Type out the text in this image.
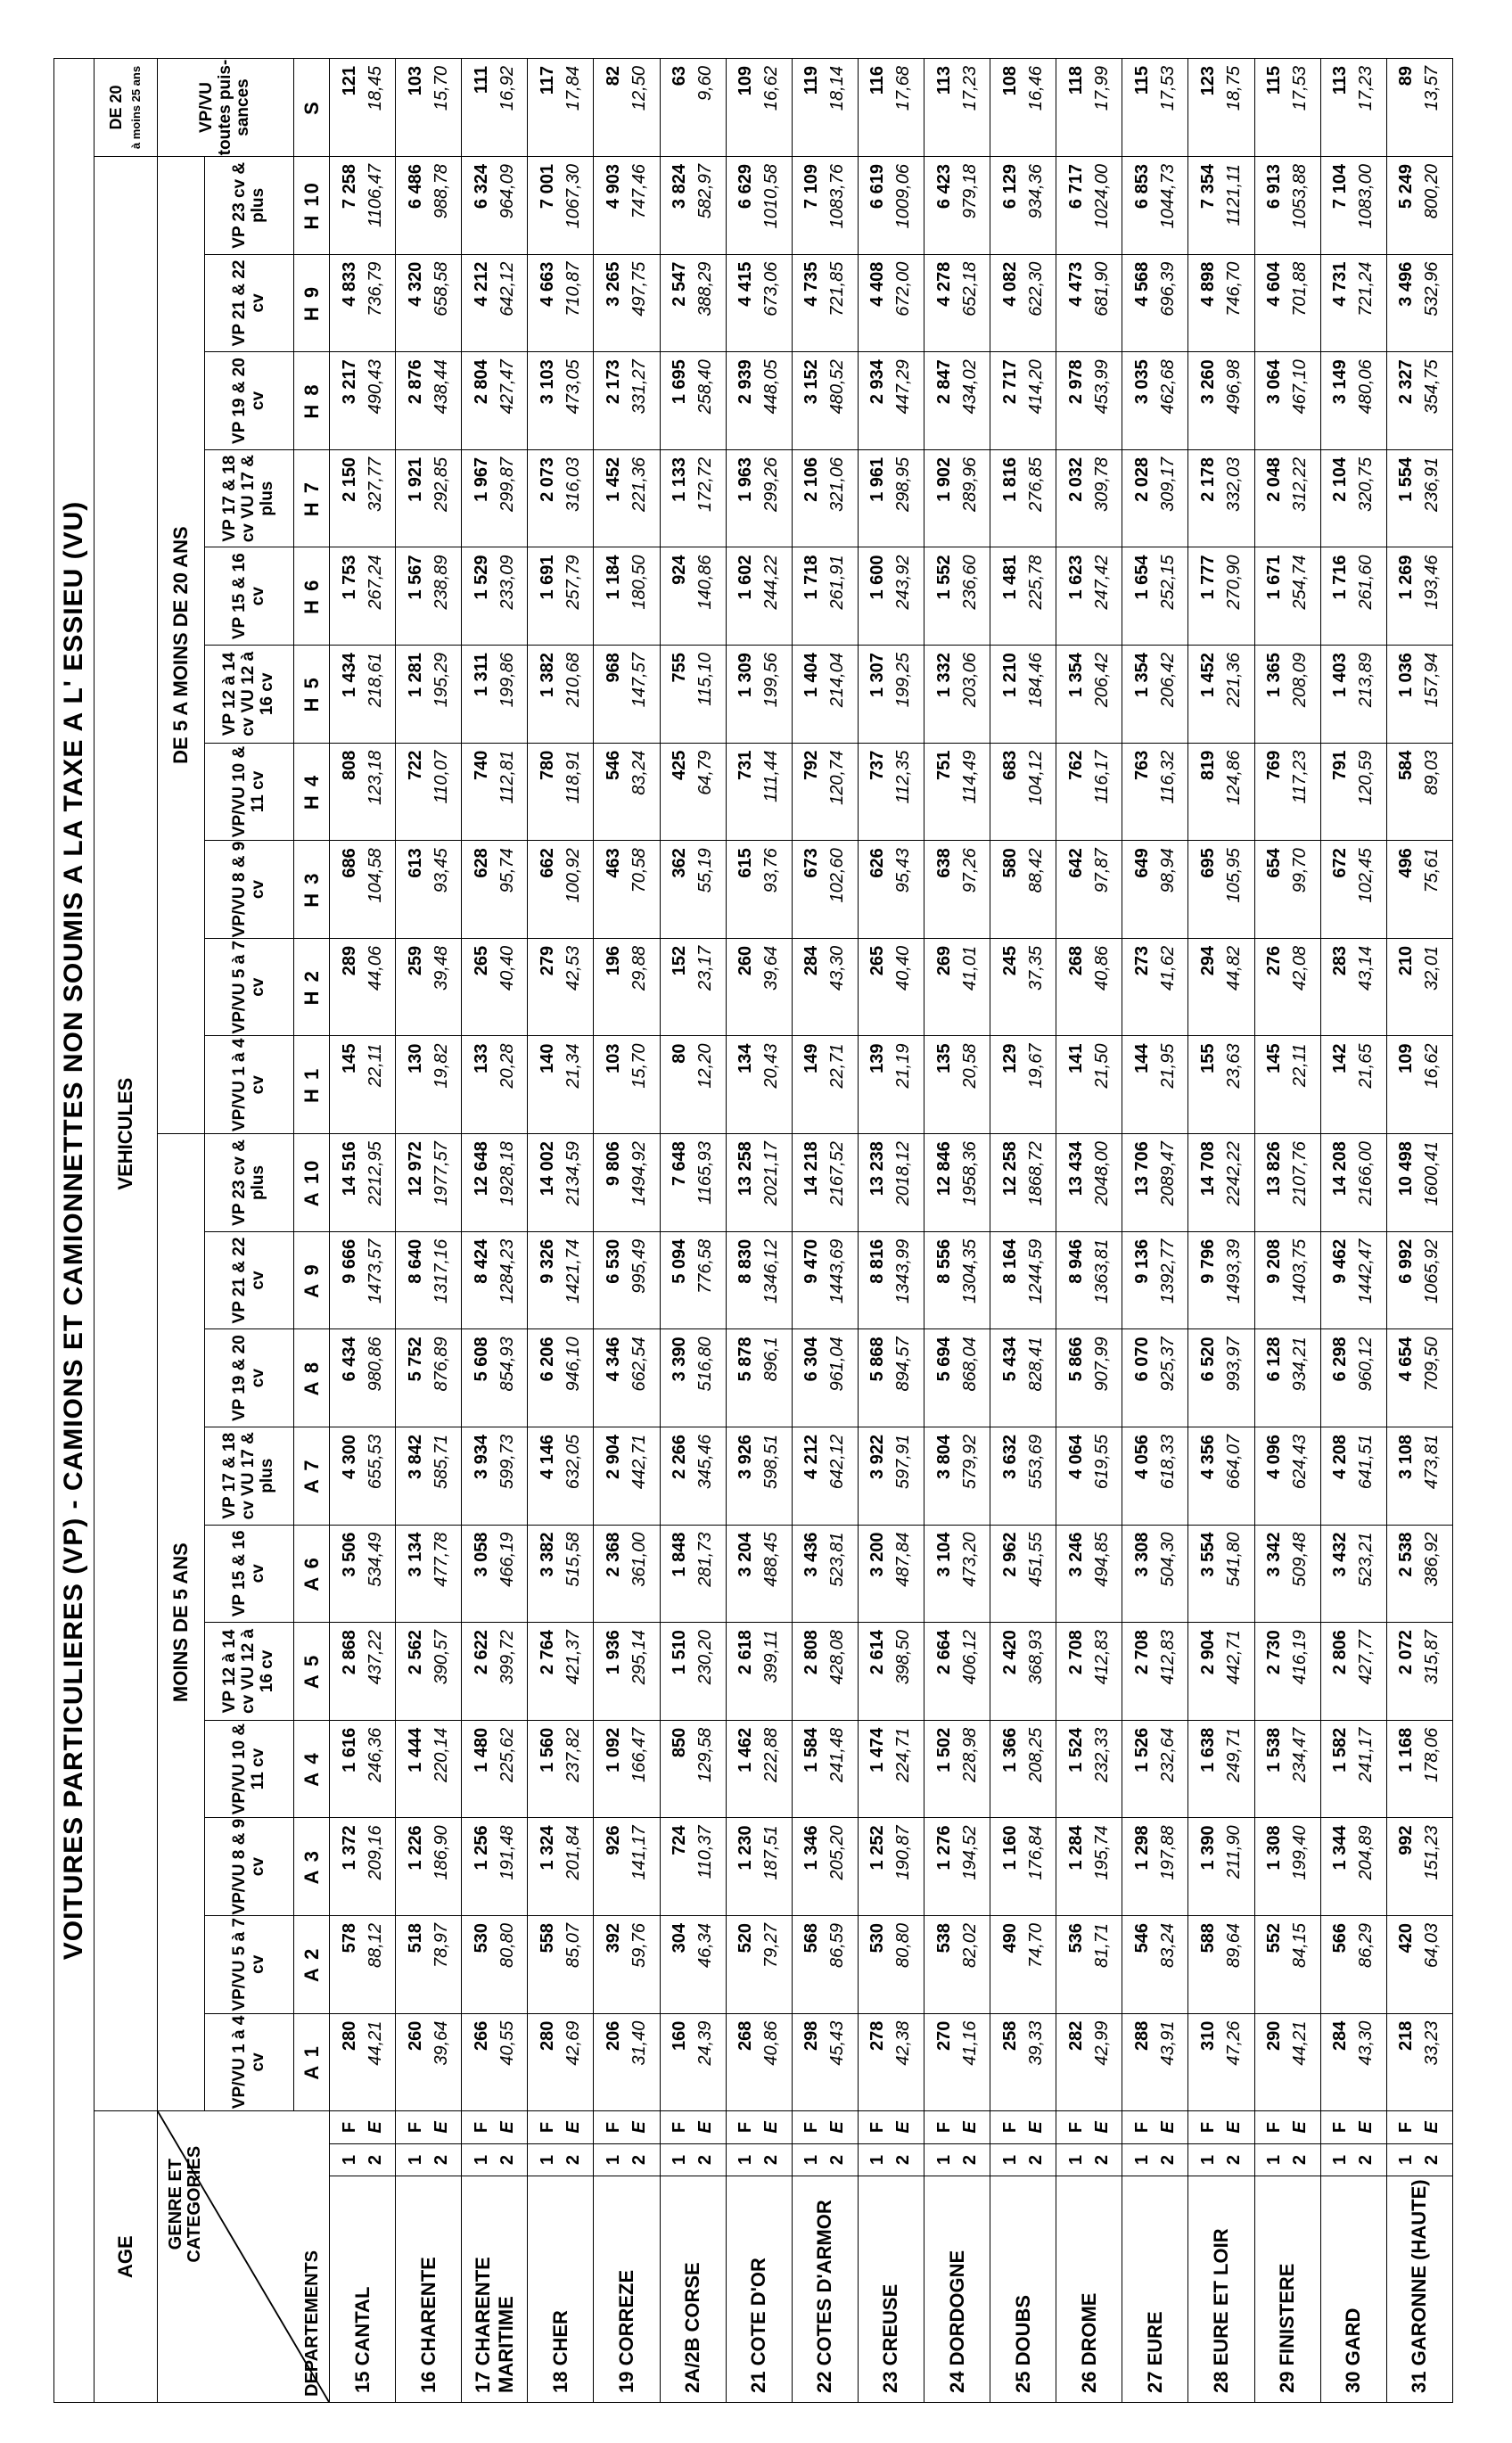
VOITURES PARTICULIERES (VP) - CAMIONS ET CAMIONNETTES NON SOUMIS A LA TAXE A L' ESSIEU (VU)																							
AGE			VEHICULES																				DE 20 à moins 25 ans

GENRE ET CATEGORIES
DEPARTEMENTS			MOINS DE 5 ANS										DE 5 A MOINS DE 20 ANS										VP/VU toutes puis- sances
			VP/VU 1 à 4 cv	VP/VU 5 à 7 cv	VP/VU 8 & 9 cv	VP/VU 10 & 11 cv	VP 12 à 14 cv VU 12 à 16 cv	VP 15 & 16 cv	VP 17 & 18 cv VU 17 & plus	VP 19 & 20 cv	VP 21 & 22 cv	VP 23 cv & plus	VP/VU 1 à 4 cv	VP/VU 5 à 7 cv	VP/VU 8 & 9 cv	VP/VU 10 & 11 cv	VP 12 à 14 cv VU 12 à 16 cv	VP 15 & 16 cv	VP 17 & 18 cv VU 17 & plus	VP 19 & 20 cv	VP 21 & 22 cv	VP 23 cv & plus	
			A 1	A 2	A 3	A 4	A 5	A 6	A 7	A 8	A 9	A 10	H 1	H 2	H 3	H 4	H 5	H 6	H 7	H 8	H 9	H 10	S
15 CANTAL	1 2	F E	280 44,21	578 88,12	1 372 209,16	1 616 246,36	2 868 437,22	3 506 534,49	4 300 655,53	6 434 980,86	9 666 1473,57	14 516 2212,95	145 22,11	289 44,06	686 104,58	808 123,18	1 434 218,61	1 753 267,24	2 150 327,77	3 217 490,43	4 833 736,79	7 258 1106,47	121 18,45

16 CHARENTE	1 2	F E	260 39,64	518 78,97	1 226 186,90	1 444 220,14	2 562 390,57	3 134 477,78	3 842 585,71	5 752 876,89	8 640 1317,16	12 972 1977,57	130 19,82	259 39,48	613 93,45	722 110,07	1 281 195,29	1 567 238,89	1 921 292,85	2 876 438,44	4 320 658,58	6 486 988,78	103 15,70

17 CHARENTE MARITIME	1 2	F E	266 40,55	530 80,80	1 256 191,48	1 480 225,62	2 622 399,72	3 058 466,19	3 934 599,73	5 608 854,93	8 424 1284,23	12 648 1928,18	133 20,28	265 40,40	628 95,74	740 112,81	1 311 199,86	1 529 233,09	1 967 299,87	2 804 427,47	4 212 642,12	6 324 964,09	111 16,92

18 CHER	1 2	F E	280 42,69	558 85,07	1 324 201,84	1 560 237,82	2 764 421,37	3 382 515,58	4 146 632,05	6 206 946,10	9 326 1421,74	14 002 2134,59	140 21,34	279 42,53	662 100,92	780 118,91	1 382 210,68	1 691 257,79	2 073 316,03	3 103 473,05	4 663 710,87	7 001 1067,30	117 17,84

19 CORREZE	1 2	F E	206 31,40	392 59,76	926 141,17	1 092 166,47	1 936 295,14	2 368 361,00	2 904 442,71	4 346 662,54	6 530 995,49	9 806 1494,92	103 15,70	196 29,88	463 70,58	546 83,24	968 147,57	1 184 180,50	1 452 221,36	2 173 331,27	3 265 497,75	4 903 747,46	82 12,50

2A/2B CORSE	1 2	F E	160 24,39	304 46,34	724 110,37	850 129,58	1 510 230,20	1 848 281,73	2 266 345,46	3 390 516,80	5 094 776,58	7 648 1165,93	80 12,20	152 23,17	362 55,19	425 64,79	755 115,10	924 140,86	1 133 172,72	1 695 258,40	2 547 388,29	3 824 582,97	63 9,60

21 COTE D'OR	1 2	F E	268 40,86	520 79,27	1 230 187,51	1 462 222,88	2 618 399,11	3 204 488,45	3 926 598,51	5 878 896,1	8 830 1346,12	13 258 2021,17	134 20,43	260 39,64	615 93,76	731 111,44	1 309 199,56	1 602 244,22	1 963 299,26	2 939 448,05	4 415 673,06	6 629 1010,58	109 16,62

22 COTES D'ARMOR	1 2	F E	298 45,43	568 86,59	1 346 205,20	1 584 241,48	2 808 428,08	3 436 523,81	4 212 642,12	6 304 961,04	9 470 1443,69	14 218 2167,52	149 22,71	284 43,30	673 102,60	792 120,74	1 404 214,04	1 718 261,91	2 106 321,06	3 152 480,52	4 735 721,85	7 109 1083,76	119 18,14

23 CREUSE	1 2	F E	278 42,38	530 80,80	1 252 190,87	1 474 224,71	2 614 398,50	3 200 487,84	3 922 597,91	5 868 894,57	8 816 1343,99	13 238 2018,12	139 21,19	265 40,40	626 95,43	737 112,35	1 307 199,25	1 600 243,92	1 961 298,95	2 934 447,29	4 408 672,00	6 619 1009,06	116 17,68

24 DORDOGNE	1 2	F E	270 41,16	538 82,02	1 276 194,52	1 502 228,98	2 664 406,12	3 104 473,20	3 804 579,92	5 694 868,04	8 556 1304,35	12 846 1958,36	135 20,58	269 41,01	638 97,26	751 114,49	1 332 203,06	1 552 236,60	1 902 289,96	2 847 434,02	4 278 652,18	6 423 979,18	113 17,23

25 DOUBS	1 2	F E	258 39,33	490 74,70	1 160 176,84	1 366 208,25	2 420 368,93	2 962 451,55	3 632 553,69	5 434 828,41	8 164 1244,59	12 258 1868,72	129 19,67	245 37,35	580 88,42	683 104,12	1 210 184,46	1 481 225,78	1 816 276,85	2 717 414,20	4 082 622,30	6 129 934,36	108 16,46

26 DROME	1 2	F E	282 42,99	536 81,71	1 284 195,74	1 524 232,33	2 708 412,83	3 246 494,85	4 064 619,55	5 866 907,99	8 946 1363,81	13 434 2048,00	141 21,50	268 40,86	642 97,87	762 116,17	1 354 206,42	1 623 247,42	2 032 309,78	2 978 453,99	4 473 681,90	6 717 1024,00	118 17,99

27 EURE	1 2	F E	288 43,91	546 83,24	1 298 197,88	1 526 232,64	2 708 412,83	3 308 504,30	4 056 618,33	6 070 925,37	9 136 1392,77	13 706 2089,47	144 21,95	273 41,62	649 98,94	763 116,32	1 354 206,42	1 654 252,15	2 028 309,17	3 035 462,68	4 568 696,39	6 853 1044,73	115 17,53

28 EURE ET LOIR	1 2	F E	310 47,26	588 89,64	1 390 211,90	1 638 249,71	2 904 442,71	3 554 541,80	4 356 664,07	6 520 993,97	9 796 1493,39	14 708 2242,22	155 23,63	294 44,82	695 105,95	819 124,86	1 452 221,36	1 777 270,90	2 178 332,03	3 260 496,98	4 898 746,70	7 354 1121,11	123 18,75

29 FINISTERE	1 2	F E	290 44,21	552 84,15	1 308 199,40	1 538 234,47	2 730 416,19	3 342 509,48	4 096 624,43	6 128 934,21	9 208 1403,75	13 826 2107,76	145 22,11	276 42,08	654 99,70	769 117,23	1 365 208,09	1 671 254,74	2 048 312,22	3 064 467,10	4 604 701,88	6 913 1053,88	115 17,53

30 GARD	1 2	F E	284 43,30	566 86,29	1 344 204,89	1 582 241,17	2 806 427,77	3 432 523,21	4 208 641,51	6 298 960,12	9 462 1442,47	14 208 2166,00	142 21,65	283 43,14	672 102,45	791 120,59	1 403 213,89	1 716 261,60	2 104 320,75	3 149 480,06	4 731 721,24	7 104 1083,00	113 17,23

31 GARONNE (HAUTE)	1 2	F E	218 33,23	420 64,03	992 151,23	1 168 178,06	2 072 315,87	2 538 386,92	3 108 473,81	4 654 709,50	6 992 1065,92	10 498 1600,41	109 16,62	210 32,01	496 75,61	584 89,03	1 036 157,94	1 269 193,46	1 554 236,91	2 327 354,75	3 496 532,96	5 249 800,20	89 13,57
